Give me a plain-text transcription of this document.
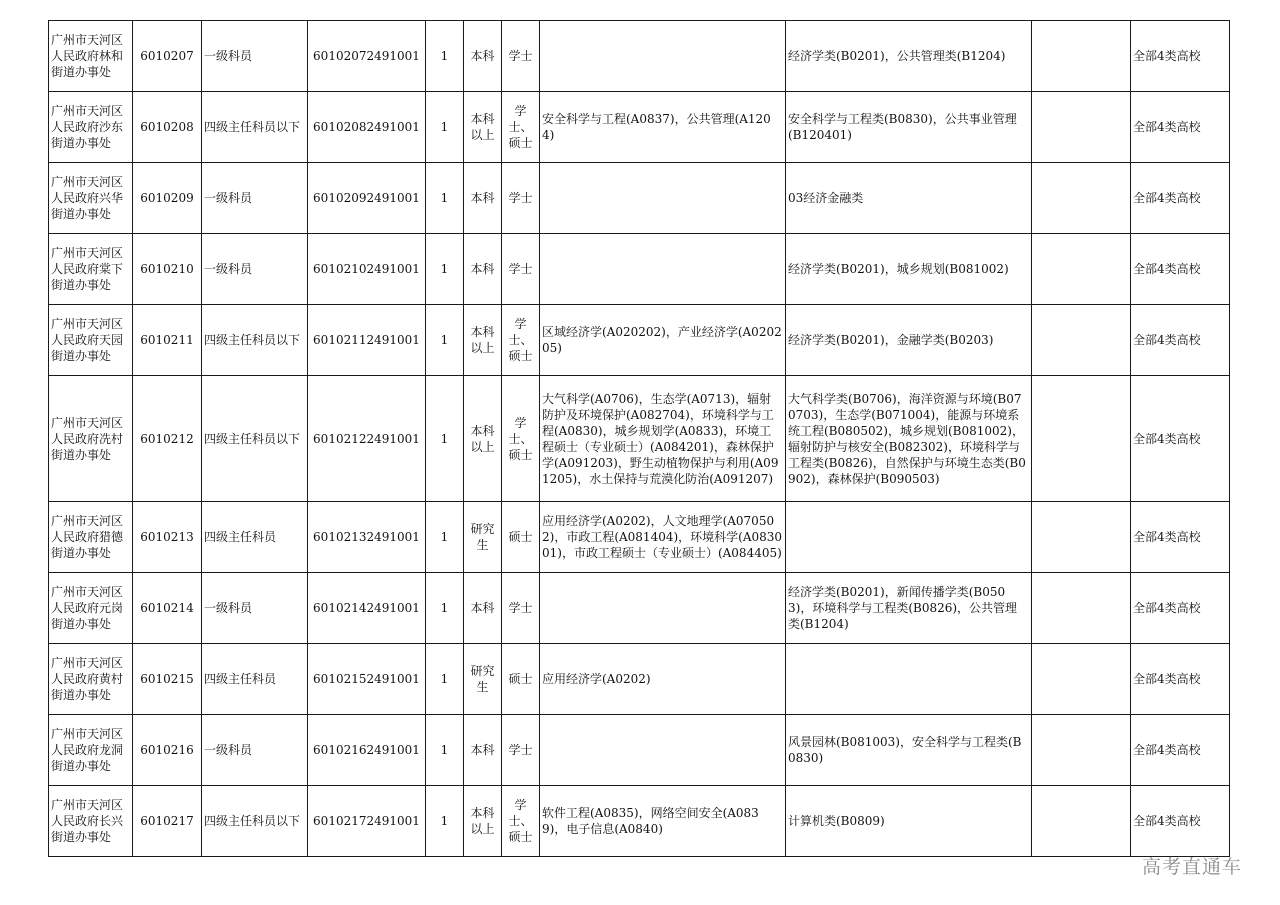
广州市天河区人民政府林和街道办事处	6010207	一级科员	60102072491001	1	本科	学士		经济学类(B0201)，公共管理类(B1204)		全部4类高校
广州市天河区人民政府沙东街道办事处	6010208	四级主任科员以下	60102082491001	1	本科以上	学士、硕士	安全科学与工程(A0837)，公共管理(A1204)	安全科学与工程类(B0830)，公共事业管理(B120401)		全部4类高校
广州市天河区人民政府兴华街道办事处	6010209	一级科员	60102092491001	1	本科	学士		03经济金融类		全部4类高校
广州市天河区人民政府棠下街道办事处	6010210	一级科员	60102102491001	1	本科	学士		经济学类(B0201)，城乡规划(B081002)		全部4类高校
广州市天河区人民政府天园街道办事处	6010211	四级主任科员以下	60102112491001	1	本科以上	学士、硕士	区域经济学(A020202)，产业经济学(A020205)	经济学类(B0201)，金融学类(B0203)		全部4类高校
广州市天河区人民政府冼村街道办事处	6010212	四级主任科员以下	60102122491001	1	本科以上	学士、硕士	大气科学(A0706)，生态学(A0713)，辐射防护及环境保护(A082704)，环境科学与工程(A0830)，城乡规划学(A0833)，环境工程硕士（专业硕士）(A084201)，森林保护学(A091203)，野生动植物保护与利用(A091205)，水土保持与荒漠化防治(A091207)	大气科学类(B0706)，海洋资源与环境(B070703)，生态学(B071004)，能源与环境系统工程(B080502)，城乡规划(B081002)，辐射防护与核安全(B082302)，环境科学与工程类(B0826)，自然保护与环境生态类(B0902)，森林保护(B090503)		全部4类高校
广州市天河区人民政府猎德街道办事处	6010213	四级主任科员	60102132491001	1	研究生	硕士	应用经济学(A0202)，人文地理学(A070502)，市政工程(A081404)，环境科学(A083001)，市政工程硕士（专业硕士）(A084405)			全部4类高校
广州市天河区人民政府元岗街道办事处	6010214	一级科员	60102142491001	1	本科	学士		经济学类(B0201)，新闻传播学类(B0503)，环境科学与工程类(B0826)，公共管理类(B1204)		全部4类高校
广州市天河区人民政府黄村街道办事处	6010215	四级主任科员	60102152491001	1	研究生	硕士	应用经济学(A0202)			全部4类高校
广州市天河区人民政府龙洞街道办事处	6010216	一级科员	60102162491001	1	本科	学士		风景园林(B081003)，安全科学与工程类(B0830)		全部4类高校
广州市天河区人民政府长兴街道办事处	6010217	四级主任科员以下	60102172491001	1	本科以上	学士、硕士	软件工程(A0835)，网络空间安全(A0839)，电子信息(A0840)	计算机类(B0809)		全部4类高校
高考直通车
